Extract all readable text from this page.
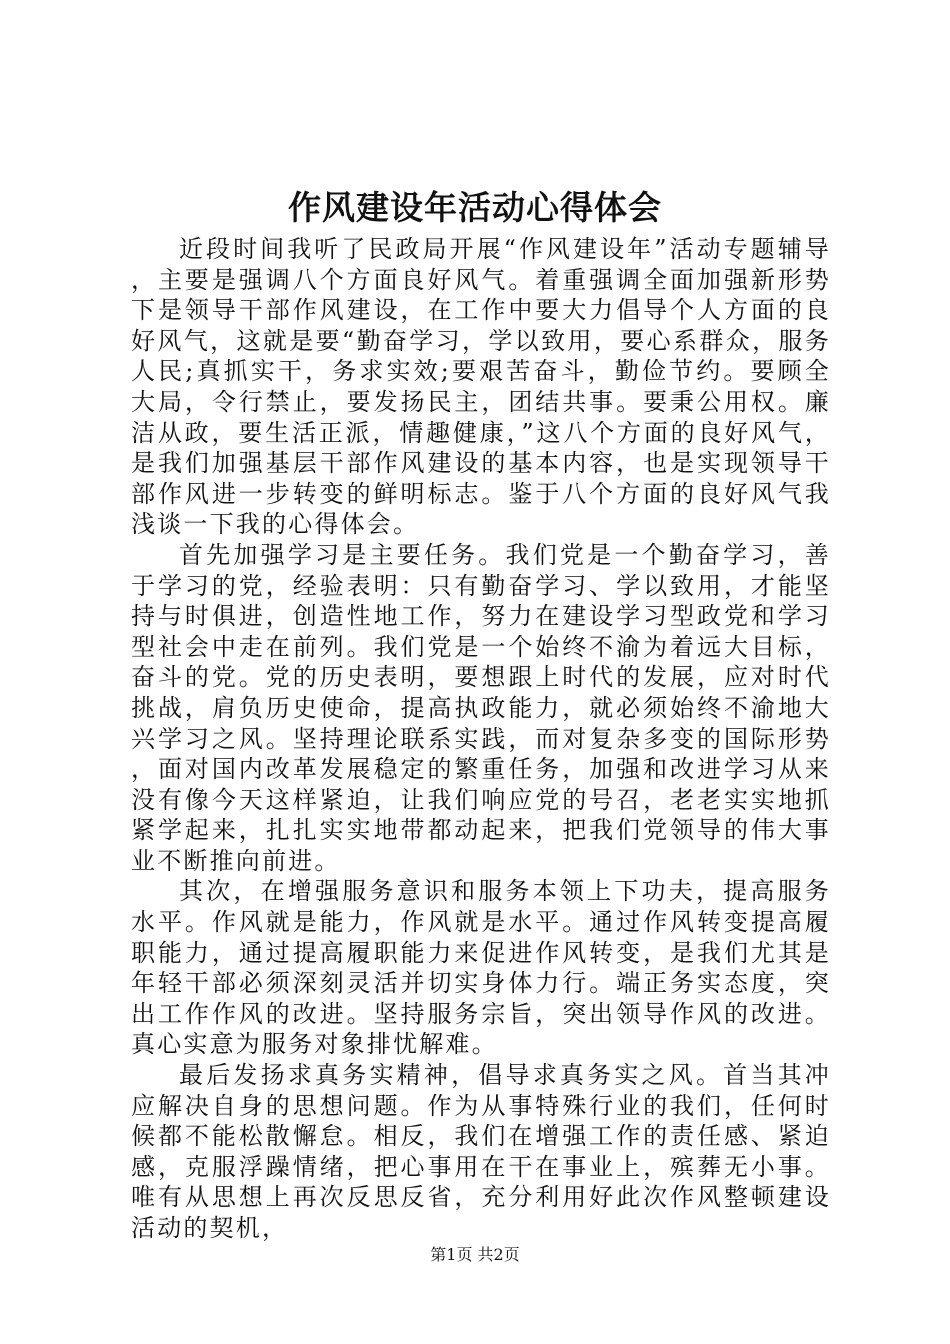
作风建设年活动心得体会

近段时间我听了民政局开展“作风建设年”活动专题辅导，主要是强调八个方面良好风气。着重强调全面加强新形势下是领导干部作风建设，在工作中要大力倡导个人方面的良好风气，这就是要“勤奋学习，学以致用，要心系群众，服务人民;真抓实干，务求实效;要艰苦奋斗，勤俭节约。要顾全大局，令行禁止，要发扬民主，团结共事。要秉公用权。廉洁从政，要生活正派，情趣健康，”这八个方面的良好风气，是我们加强基层干部作风建设的基本内容，也是实现领导干部作风进一步转变的鲜明标志。鉴于八个方面的良好风气我浅谈一下我的心得体会。

首先加强学习是主要任务。我们党是一个勤奋学习，善于学习的党，经验表明：只有勤奋学习、学以致用，才能坚持与时俱进，创造性地工作，努力在建设学习型政党和学习型社会中走在前列。我们党是一个始终不渝为着远大目标，奋斗的党。党的历史表明，要想跟上时代的发展，应对时代挑战，肩负历史使命，提高执政能力，就必须始终不渝地大兴学习之风。坚持理论联系实践，而对复杂多变的国际形势，面对国内改革发展稳定的繁重任务，加强和改进学习从来没有像今天这样紧迫，让我们响应党的号召，老老实实地抓紧学起来，扎扎实实地带都动起来，把我们党领导的伟大事业不断推向前进。

其次，在增强服务意识和服务本领上下功夫，提高服务水平。作风就是能力，作风就是水平。通过作风转变提高履职能力，通过提高履职能力来促进作风转变，是我们尤其是年轻干部必须深刻灵活并切实身体力行。端正务实态度，突出工作作风的改进。坚持服务宗旨，突出领导作风的改进。真心实意为服务对象排忧解难。

最后发扬求真务实精神，倡导求真务实之风。首当其冲应解决自身的思想问题。作为从事特殊行业的我们，任何时候都不能松散懈怠。相反，我们在增强工作的责任感、紧迫感，克服浮躁情绪，把心事用在干在事业上，殡葬无小事。唯有从思想上再次反思反省，充分利用好此次作风整顿建设活动的契机，

第1页 共2页
